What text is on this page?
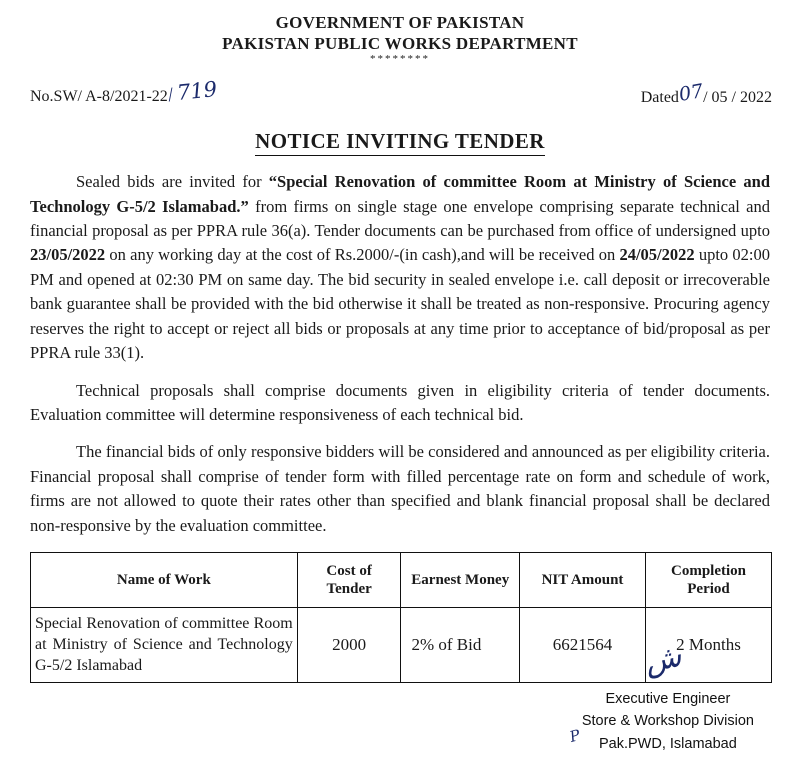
GOVERNMENT OF PAKISTAN
PAKISTAN PUBLIC WORKS DEPARTMENT
********
No.SW/ A-8/2021-22/719	Dated07/ 05 / 2022
NOTICE INVITING TENDER

Sealed bids are invited for “Special Renovation of committee Room at Ministry of Science and Technology G-5/2 Islamabad.” from firms on single stage one envelope comprising separate technical and financial proposal as per PPRA rule 36(a). Tender documents can be purchased from office of undersigned upto 23/05/2022 on any working day at the cost of Rs.2000/-(in cash),and will be received on 24/05/2022 upto 02:00 PM and opened at 02:30 PM on same day. The bid security in sealed envelope i.e. call deposit or irrecoverable bank guarantee shall be provided with the bid otherwise it shall be treated as non-responsive. Procuring agency reserves the right to accept or reject all bids or proposals at any time prior to acceptance of bid/proposal as per PPRA rule 33(1).

Technical proposals shall comprise documents given in eligibility criteria of tender documents. Evaluation committee will determine responsiveness of each technical bid.

The financial bids of only responsive bidders will be considered and announced as per eligibility criteria. Financial proposal shall comprise of tender form with filled percentage rate on form and schedule of work, firms are not allowed to quote their rates other than specified and blank financial proposal shall be declared non-responsive by the evaluation committee.

Name of Work	Cost of Tender	Earnest Money	NIT Amount	Completion Period
Special Renovation of committee Room at Ministry of Science and Technology G-5/2 Islamabad	2000	2% of Bid	6621564	2 Months
ش
Executive Engineer
Store & Workshop Division
P Pak.PWD, Islamabad
